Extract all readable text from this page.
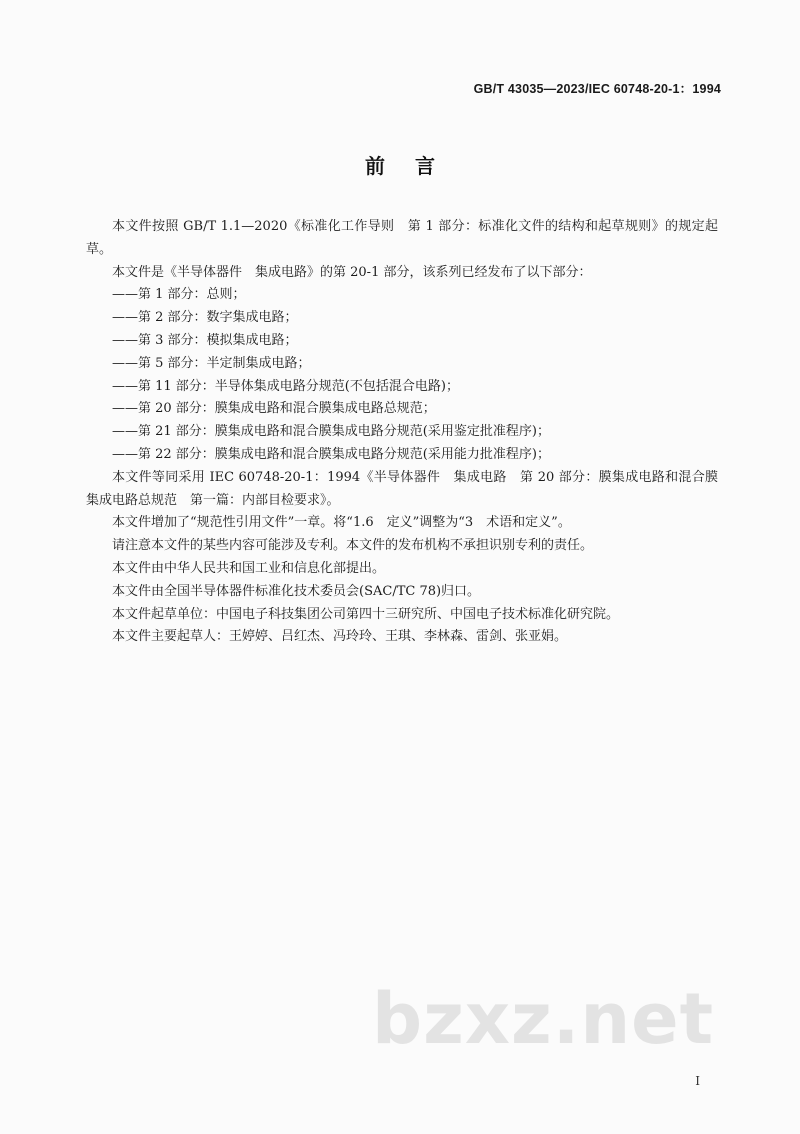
GB/T 43035—2023/IEC 60748-20-1：1994
前言

本文件按照 GB/T 1.1—2020《标准化工作导则　第 1 部分：标准化文件的结构和起草规则》的规定起草。

本文件是《半导体器件　集成电路》的第 20-1 部分，该系列已经发布了以下部分：

——第 1 部分：总则；

——第 2 部分：数字集成电路；

——第 3 部分：模拟集成电路；

——第 5 部分：半定制集成电路；

——第 11 部分：半导体集成电路分规范(不包括混合电路)；

——第 20 部分：膜集成电路和混合膜集成电路总规范；

——第 21 部分：膜集成电路和混合膜集成电路分规范(采用鉴定批准程序)；

——第 22 部分：膜集成电路和混合膜集成电路分规范(采用能力批准程序)；

本文件等同采用 IEC 60748-20-1：1994《半导体器件　集成电路　第 20 部分：膜集成电路和混合膜集成电路总规范　第一篇：内部目检要求》。

本文件增加了“规范性引用文件”一章。将“1.6　定义”调整为“3　术语和定义”。

请注意本文件的某些内容可能涉及专利。本文件的发布机构不承担识别专利的责任。

本文件由中华人民共和国工业和信息化部提出。

本文件由全国半导体器件标准化技术委员会(SAC/TC 78)归口。

本文件起草单位：中国电子科技集团公司第四十三研究所、中国电子技术标准化研究院。

本文件主要起草人：王婷婷、吕红杰、冯玲玲、王琪、李林森、雷剑、张亚娟。

bzxz.net
I
